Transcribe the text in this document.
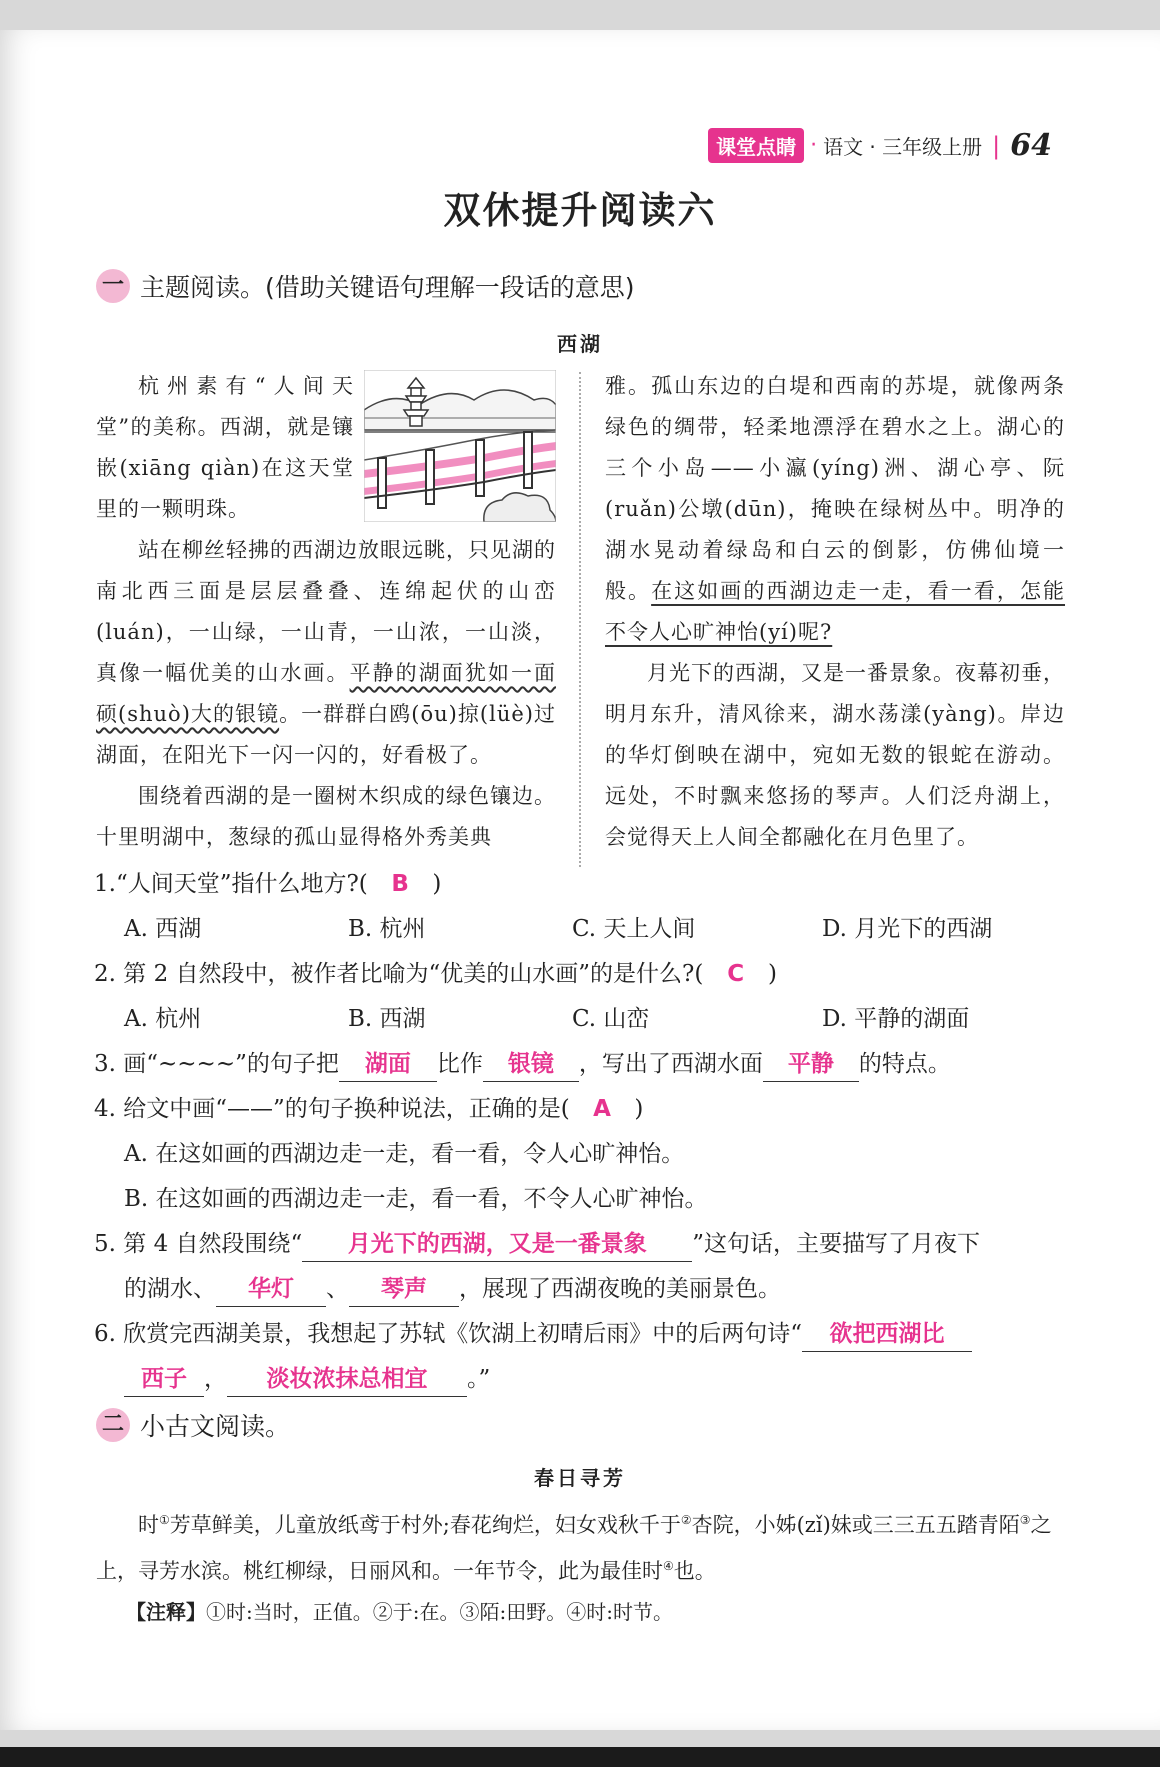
课堂点睛 · 语文 · 三年级上册 | 64
双休提升阅读六
一 主题阅读。(借助关键语句理解一段话的意思)
西湖

杭州素有“人间天堂”的美称。西湖，就是镶嵌(xiāng qiàn)在这天堂里的一颗明珠。

站在柳丝轻拂的西湖边放眼远眺，只见湖的南北西三面是层层叠叠、连绵起伏的山峦(luán)，一山绿，一山青，一山浓，一山淡，真像一幅优美的山水画。平静的湖面犹如一面硕(shuò)大的银镜。一群群白鸥(ōu)掠(lüè)过湖面，在阳光下一闪一闪的，好看极了。

围绕着西湖的是一圈树木织成的绿色镶边。十里明湖中，葱绿的孤山显得格外秀美典

雅。孤山东边的白堤和西南的苏堤，就像两条绿色的绸带，轻柔地漂浮在碧水之上。湖心的三个小岛——小瀛(yíng)洲、湖心亭、阮(ruǎn)公墩(dūn)，掩映在绿树丛中。明净的湖水晃动着绿岛和白云的倒影，仿佛仙境一般。在这如画的西湖边走一走，看一看，怎能不令人心旷神怡(yí)呢?

月光下的西湖，又是一番景象。夜幕初垂，明月东升，清风徐来，湖水荡漾(yàng)。岸边的华灯倒映在湖中，宛如无数的银蛇在游动。远处，不时飘来悠扬的琴声。人们泛舟湖上，会觉得天上人间全都融化在月色里了。

1.“人间天堂”指什么地方?( B )
A. 西湖	B. 杭州	C. 天上人间	D. 月光下的西湖
2. 第 2 自然段中，被作者比喻为“优美的山水画”的是什么?( C )
A. 杭州	B. 西湖	C. 山峦	D. 平静的湖面
3. 画“~~~~”的句子把 湖面 比作 银镜 ，写出了西湖水面 平静 的特点。
4. 给文中画“——”的句子换种说法，正确的是( A )
A. 在这如画的西湖边走一走，看一看，令人心旷神怡。
B. 在这如画的西湖边走一走，看一看，不令人心旷神怡。
5. 第 4 自然段围绕“ 月光下的西湖，又是一番景象 ”这句话，主要描写了月夜下
的湖水、 华灯 、 琴声 ，展现了西湖夜晚的美丽景色。
6. 欣赏完西湖美景，我想起了苏轼《饮湖上初晴后雨》中的后两句诗“ 欲把西湖比
西子 ， 淡妆浓抹总相宜 。”
二 小古文阅读。
春日寻芳

时①芳草鲜美，儿童放纸鸢于村外;春花绚烂，妇女戏秋千于②杏院，小姊(zǐ)妹或三三五五踏青陌③之上，寻芳水滨。桃红柳绿，日丽风和。一年节令，此为最佳时④也。

【注释】①时:当时，正值。②于:在。③陌:田野。④时:时节。
